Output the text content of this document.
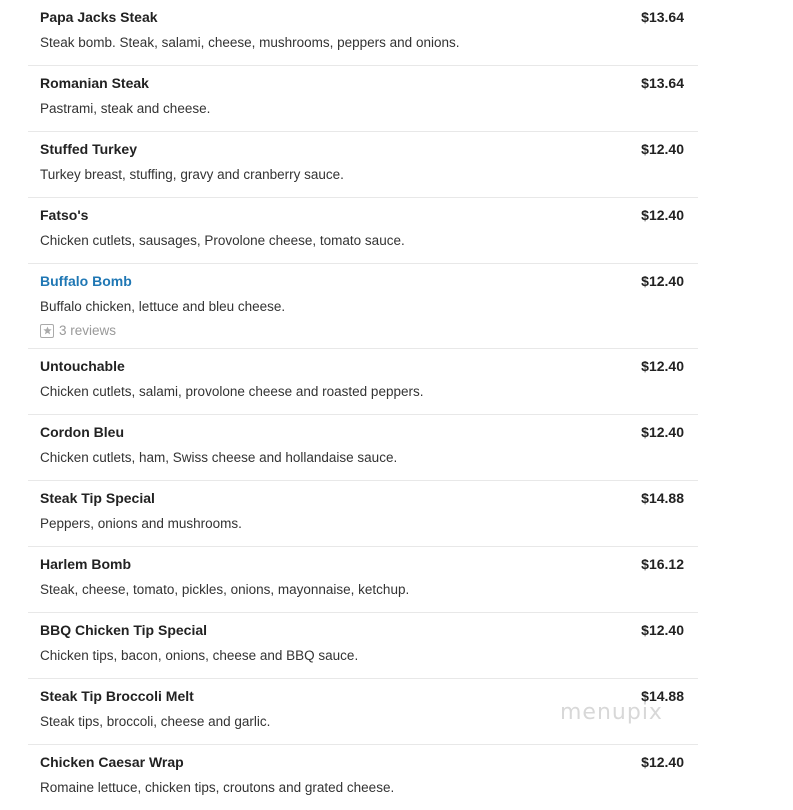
Papa Jacks Steak	$13.64
Steak bomb. Steak, salami, cheese, mushrooms, peppers and onions.
Romanian Steak	$13.64
Pastrami, steak and cheese.
Stuffed Turkey	$12.40
Turkey breast, stuffing, gravy and cranberry sauce.
Fatso's	$12.40
Chicken cutlets, sausages, Provolone cheese, tomato sauce.
Buffalo Bomb	$12.40
Buffalo chicken, lettuce and bleu cheese.
3 reviews
Untouchable	$12.40
Chicken cutlets, salami, provolone cheese and roasted peppers.
Cordon Bleu	$12.40
Chicken cutlets, ham, Swiss cheese and hollandaise sauce.
Steak Tip Special	$14.88
Peppers, onions and mushrooms.
Harlem Bomb	$16.12
Steak, cheese, tomato, pickles, onions, mayonnaise, ketchup.
BBQ Chicken Tip Special	$12.40
Chicken tips, bacon, onions, cheese and BBQ sauce.
Steak Tip Broccoli Melt	$14.88
Steak tips, broccoli, cheese and garlic.
Chicken Caesar Wrap	$12.40
Romaine lettuce, chicken tips, croutons and grated cheese.
menupix
